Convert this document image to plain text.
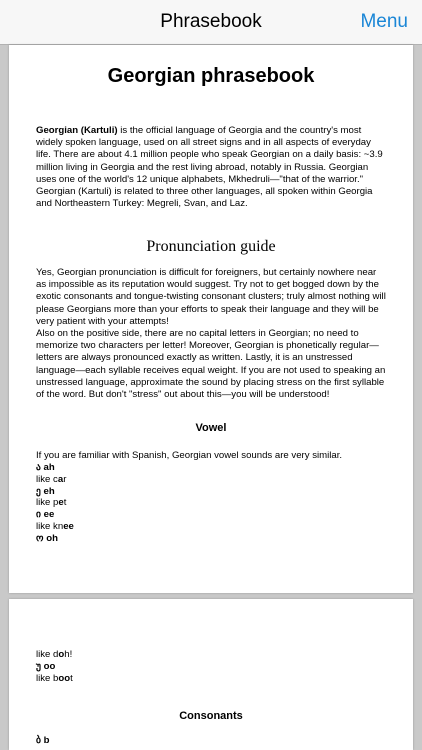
Phrasebook	Menu
Georgian phrasebook

Georgian (Kartuli) is the official language of Georgia and the country's most widely spoken language, used on all street signs and in all aspects of everyday life. There are about 4.1 million people who speak Georgian on a daily basis: ~3.9 million living in Georgia and the rest living abroad, notably in Russia. Georgian uses one of the world's 12 unique alphabets, Mkhedruli—"that of the warrior." Georgian (Kartuli) is related to three other languages, all spoken within Georgia and Northeastern Turkey: Megreli, Svan, and Laz.

Pronunciation guide

Yes, Georgian pronunciation is difficult for foreigners, but certainly nowhere near as impossible as its reputation would suggest. Try not to get bogged down by the exotic consonants and tongue-twisting consonant clusters; truly almost nothing will please Georgians more than your efforts to speak their language and they will be very patient with your attempts!

Also on the positive side, there are no capital letters in Georgian; no need to memorize two characters per letter! Moreover, Georgian is phonetically regular—letters are always pronounced exactly as written. Lastly, it is an unstressed language—each syllable receives equal weight. If you are not used to speaking an unstressed language, approximate the sound by placing stress on the first syllable of the word. But don't "stress" out about this—you will be understood!

Vowel

If you are familiar with Spanish, Georgian vowel sounds are very similar.

ა ah
like car
ე eh
like pet
ი ee
like knee
ო oh
like doh!
უ oo
like boot
Consonants
ბ b
